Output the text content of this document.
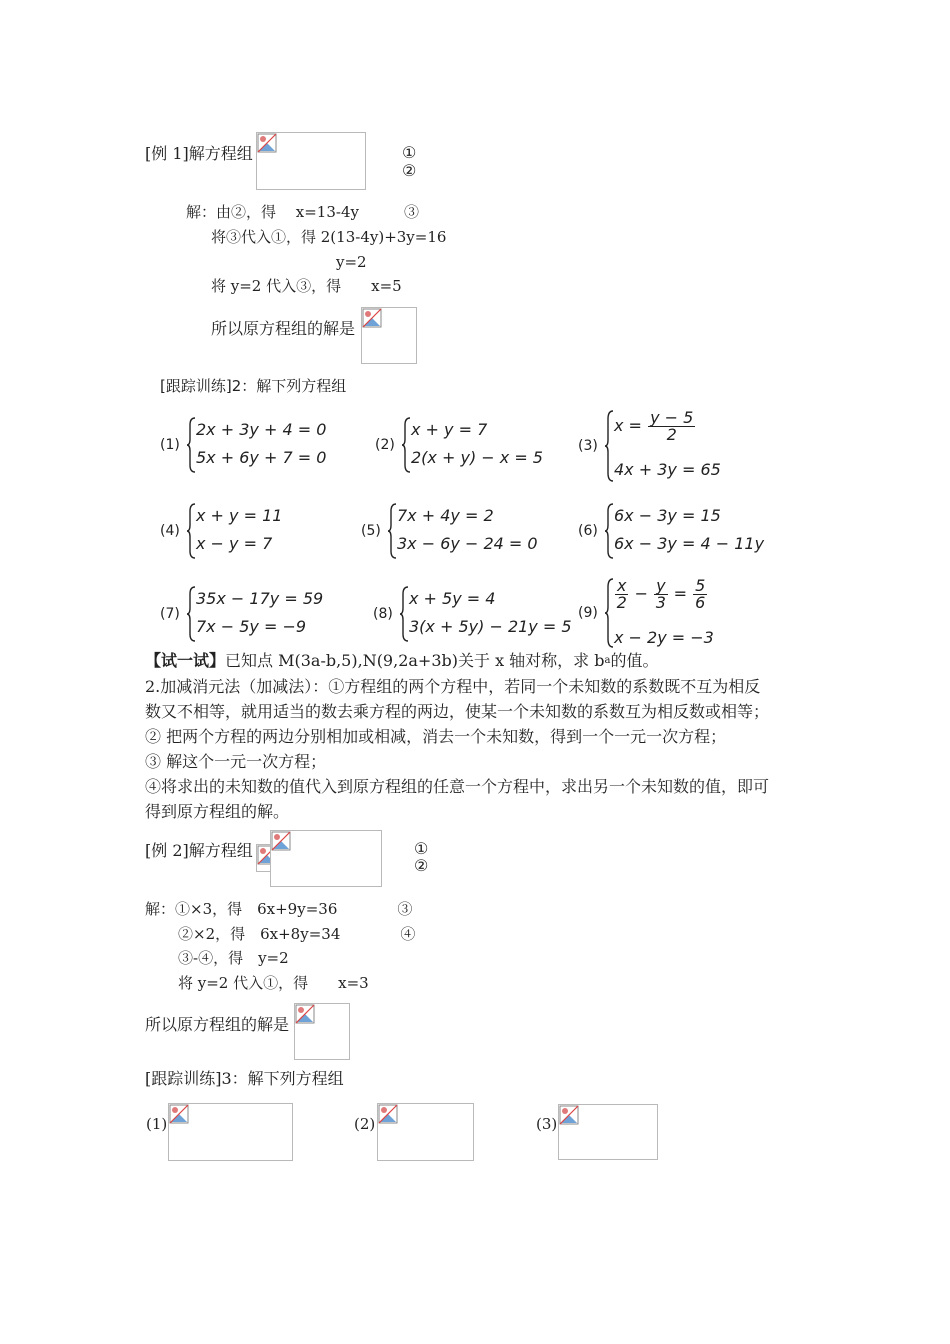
[例 1]解方程组	①
②
解：由②，得　 x=13-4y　　　③
将③代入①，得 2(13-4y)+3y=16
y=2
将 y=2 代入③，得　　x=5
所以原方程组的解是
[跟踪训练]2：解下列方程组
(1)
2x + 3y + 4 = 0
5x + 6y + 7 = 0
(2)
x + y = 7
2(x + y) − x = 5
(3)
$x = \frac{y - 5}{2}$
4x + 3y = 65
(4)
x + y = 11
x − y = 7
(5)
7x + 4y = 2
3x − 6y − 24 = 0
(6)
6x − 3y = 15
6x − 3y = 4 − 11y
(7)
35x − 17y = 59
7x − 5y = −9
(8)
x + 5y = 4
3(x + 5y) − 21y = 5
(9)
$\frac{x}{2} - \frac{y}{3} = \frac{5}{6}$
x − 2y = −3
【试一试】已知点 M(3a-b,5),N(9,2a+3b)关于 x 轴对称，求 $b^a$的值。
2.加减消元法（加减法）：①方程组的两个方程中，若同一个未知数的系数既不互为相反
数又不相等，就用适当的数去乘方程的两边，使某一个未知数的系数互为相反数或相等；
② 把两个方程的两边分别相加或相减，消去一个未知数，得到一个一元一次方程；
③ 解这个一元一次方程；
④将求出的未知数的值代入到原方程组的任意一个方程中，求出另一个未知数的值，即可
得到原方程组的解。
[例 2]解方程组	①
②
解：①×3，得　6x+9y=36　　　　③
②×2，得　6x+8y=34　　　　④
③-④，得　y=2
将 y=2 代入①，得　　x=3
所以原方程组的解是
[跟踪训练]3：解下列方程组
(1)	(2)	(3)
